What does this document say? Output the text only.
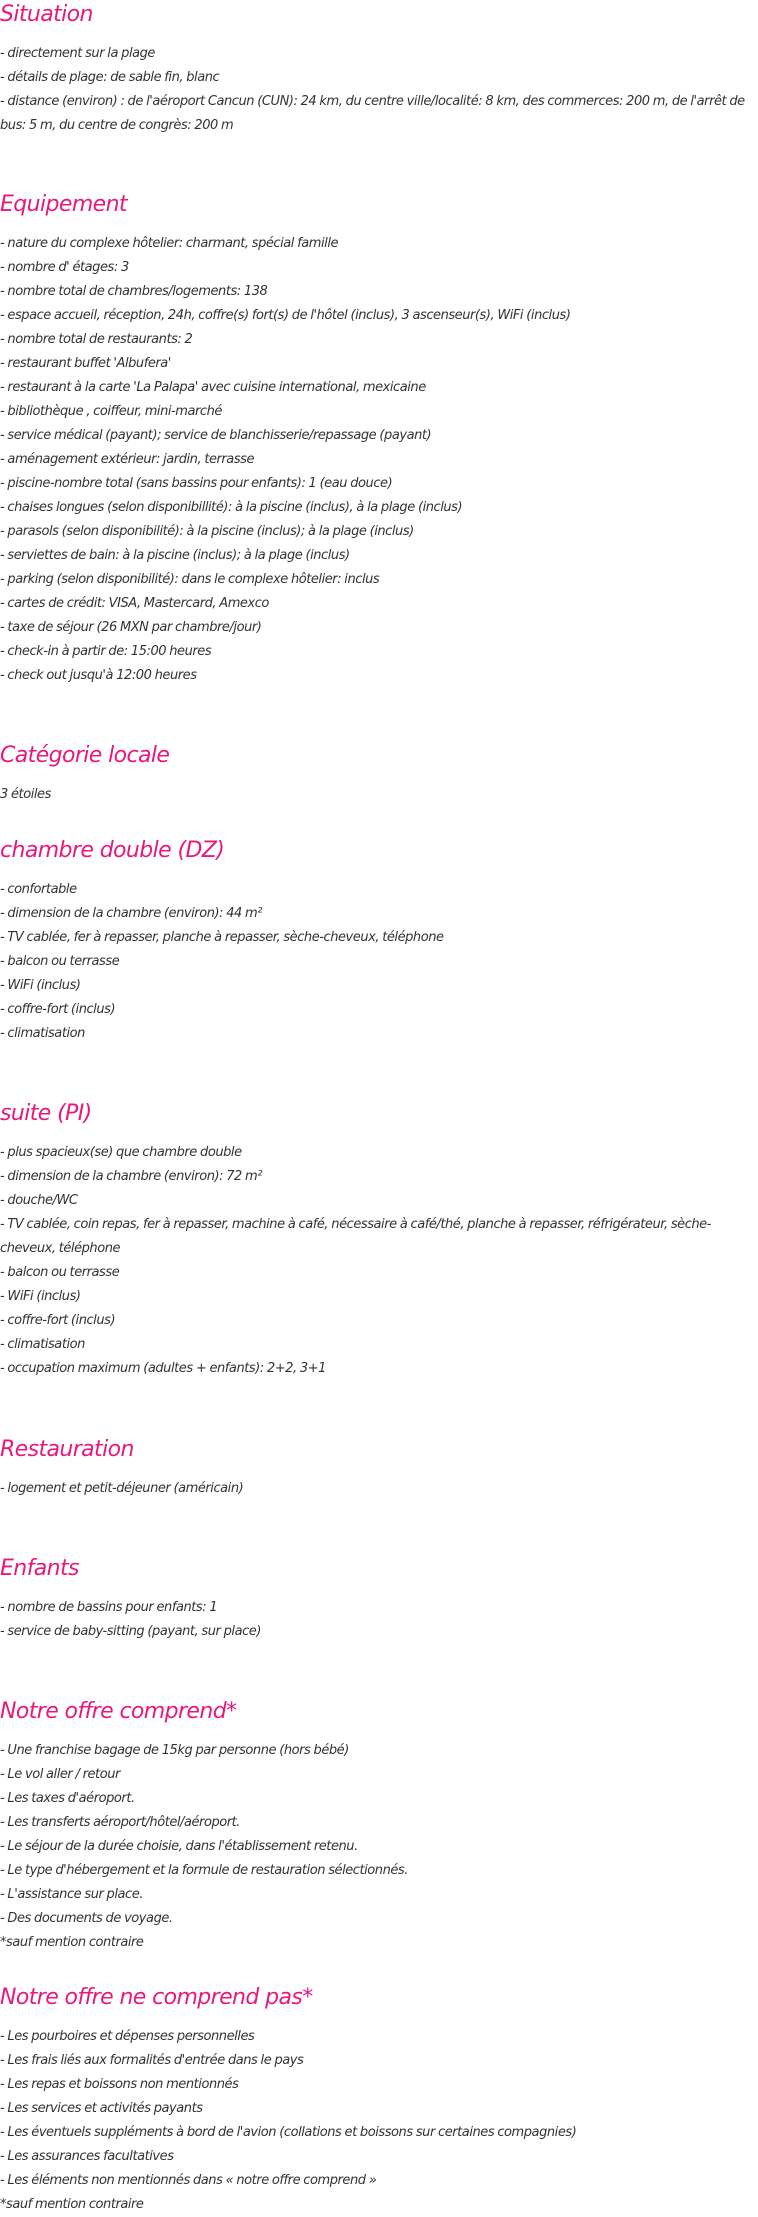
Situation
- directement sur la plage
- détails de plage: de sable fin, blanc
- distance (environ) : de l'aéroport Cancun (CUN): 24 km, du centre ville/localité: 8 km, des commerces: 200 m, de l'arrêt de bus: 5 m, du centre de congrès: 200 m
Equipement
- nature du complexe hôtelier: charmant, spécial famille
- nombre d' étages: 3
- nombre total de chambres/logements: 138
- espace accueil, réception, 24h, coffre(s) fort(s) de l'hôtel (inclus), 3 ascenseur(s), WiFi (inclus)
- nombre total de restaurants: 2
- restaurant buffet 'Albufera'
- restaurant à la carte 'La Palapa' avec cuisine international, mexicaine
- bibliothèque , coiffeur, mini-marché
- service médical (payant); service de blanchisserie/repassage (payant)
- aménagement extérieur: jardin, terrasse
- piscine-nombre total (sans bassins pour enfants): 1 (eau douce)
- chaises longues (selon disponibillité): à la piscine (inclus), à la plage (inclus)
- parasols (selon disponibilité): à la piscine (inclus); à la plage (inclus)
- serviettes de bain: à la piscine (inclus); à la plage (inclus)
- parking (selon disponibilité): dans le complexe hôtelier: inclus
- cartes de crédit: VISA, Mastercard, Amexco
- taxe de séjour (26 MXN par chambre/jour)
- check-in à partir de: 15:00 heures
- check out jusqu'à 12:00 heures
Catégorie locale
3 étoiles
chambre double (DZ)
- confortable
- dimension de la chambre (environ): 44 m²
- TV cablée, fer à repasser, planche à repasser, sèche-cheveux, téléphone
- balcon ou terrasse
- WiFi (inclus)
- coffre-fort (inclus)
- climatisation
suite (PI)
- plus spacieux(se) que chambre double
- dimension de la chambre (environ): 72 m²
- douche/WC
- TV cablée, coin repas, fer à repasser, machine à café, nécessaire à café/thé, planche à repasser, réfrigérateur, sèche-cheveux, téléphone
- balcon ou terrasse
- WiFi (inclus)
- coffre-fort (inclus)
- climatisation
- occupation maximum (adultes + enfants): 2+2, 3+1
Restauration
- logement et petit-déjeuner (américain)
Enfants
- nombre de bassins pour enfants: 1
- service de baby-sitting (payant, sur place)
Notre offre comprend*
- Une franchise bagage de 15kg par personne (hors bébé)
- Le vol aller / retour
- Les taxes d'aéroport.
- Les transferts aéroport/hôtel/aéroport.
- Le séjour de la durée choisie, dans l'établissement retenu.
- Le type d'hébergement et la formule de restauration sélectionnés.
- L'assistance sur place.
- Des documents de voyage.
*sauf mention contraire
Notre offre ne comprend pas*
- Les pourboires et dépenses personnelles
- Les frais liés aux formalités d'entrée dans le pays
- Les repas et boissons non mentionnés
- Les services et activités payants
- Les éventuels suppléments à bord de l'avion (collations et boissons sur certaines compagnies)
- Les assurances facultatives
- Les éléments non mentionnés dans « notre offre comprend »
*sauf mention contraire
